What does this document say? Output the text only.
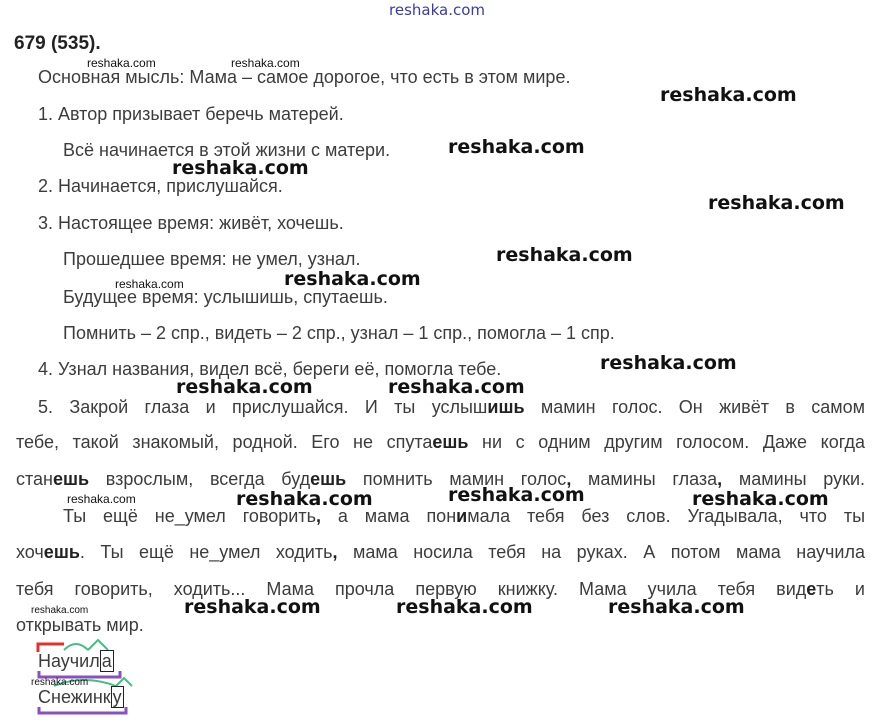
reshaka.com
679 (535).
Основная мысль: Мама – самое дорогое, что есть в этом мире.
1. Автор призывает беречь матерей.
Всё начинается в этой жизни с матери.
2. Начинается, прислушайся.
3. Настоящее время: живёт, хочешь.
Прошедшее время: не умел, узнал.
Будущее время: услышишь, спутаешь.
Помнить – 2 спр., видеть – 2 спр., узнал – 1 спр., помогла – 1 спр.
4. Узнал названия, видел всё, береги её, помогла тебе.
5. Закрой глаза и прислушайся. И ты услышишь мамин голос. Он живёт в самом
тебе, такой знакомый, родной. Его не спутаешь ни с одним другим голосом. Даже когда
станешь взрослым, всегда будешь помнить мамин голос, мамины глаза, мамины руки.
Ты ещё не_умел говорить, а мама понимала тебя без слов. Угадывала, что ты
хочешь. Ты ещё не_умел ходить, мама носила тебя на руках. А потом мама научила
тебя говорить, ходить... Мама прочла первую книжку. Мама учила тебя видеть и
открывать мир.
Научил а
Снежинк у
reshaka.com
reshaka.com
reshaka.com
reshaka.com
reshaka.com
reshaka.com
reshaka.com
reshaka.com	reshaka.com
reshaka.com
reshaka.com	reshaka.com
reshaka.com	reshaka.com	reshaka.com
reshaka.com	reshaka.com
reshaka.com
reshaka.com
reshaka.com
reshaka.com
